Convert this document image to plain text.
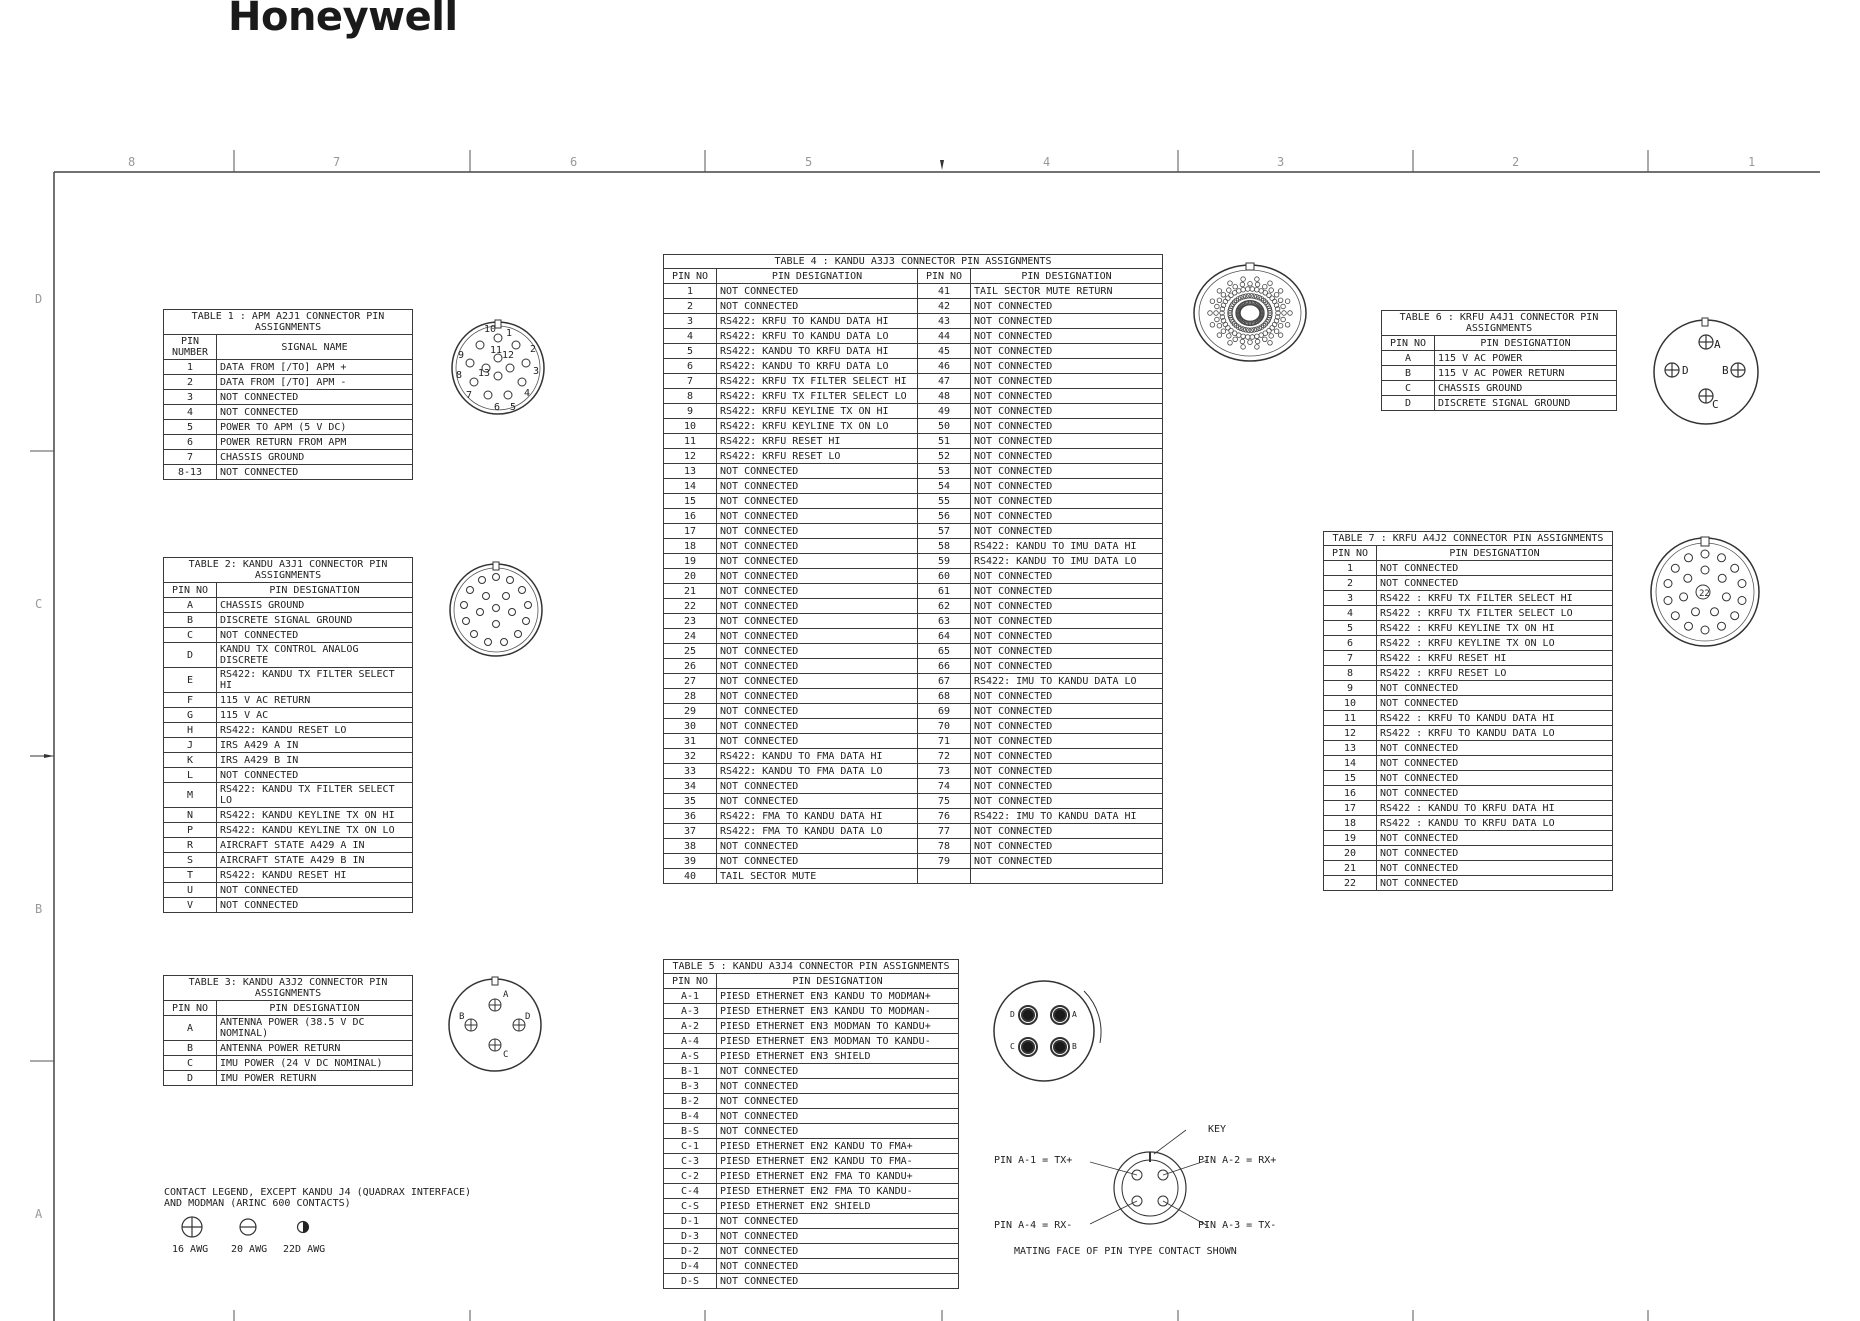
Honeywell
8	7	6	5	4	3	2	1
D
C
B
A
TABLE 1 : APM A2J1 CONNECTOR PIN ASSIGNMENTS	
PIN NUMBER	SIGNAL NAME
1	DATA FROM [/TO] APM +
2	DATA FROM [/TO] APM -
3	NOT CONNECTED
4	NOT CONNECTED
5	POWER TO APM (5 V DC)
6	POWER RETURN FROM APM
7	CHASSIS GROUND
8-13	NOT CONNECTED
TABLE 2: KANDU A3J1 CONNECTOR PIN ASSIGNMENTS	
PIN NO	PIN DESIGNATION
A	CHASSIS GROUND
B	DISCRETE SIGNAL GROUND
C	NOT CONNECTED
D	KANDU TX CONTROL ANALOG DISCRETE
E	RS422: KANDU TX FILTER SELECT HI
F	115 V AC RETURN
G	115 V AC
H	RS422: KANDU RESET LO
J	IRS A429 A IN
K	IRS A429 B IN
L	NOT CONNECTED
M	RS422: KANDU TX FILTER SELECT LO
N	RS422: KANDU KEYLINE TX ON HI
P	RS422: KANDU KEYLINE TX ON LO
R	AIRCRAFT STATE A429 A IN
S	AIRCRAFT STATE A429 B IN
T	RS422: KANDU RESET HI
U	NOT CONNECTED
V	NOT CONNECTED
TABLE 3: KANDU A3J2 CONNECTOR PIN ASSIGNMENTS	
PIN NO	PIN DESIGNATION
A	ANTENNA POWER (38.5 V DC NOMINAL)
B	ANTENNA POWER RETURN
C	IMU POWER (24 V DC NOMINAL)
D	IMU POWER RETURN
TABLE 4 : KANDU A3J3 CONNECTOR PIN ASSIGNMENTS			
PIN NO	PIN DESIGNATION	PIN NO	PIN DESIGNATION
1	NOT CONNECTED	41	TAIL SECTOR MUTE RETURN
2	NOT CONNECTED	42	NOT CONNECTED
3	RS422: KRFU TO KANDU DATA HI	43	NOT CONNECTED
4	RS422: KRFU TO KANDU DATA LO	44	NOT CONNECTED
5	RS422: KANDU TO KRFU DATA HI	45	NOT CONNECTED
6	RS422: KANDU TO KRFU DATA LO	46	NOT CONNECTED
7	RS422: KRFU TX FILTER SELECT HI	47	NOT CONNECTED
8	RS422: KRFU TX FILTER SELECT LO	48	NOT CONNECTED
9	RS422: KRFU KEYLINE TX ON HI	49	NOT CONNECTED
10	RS422: KRFU KEYLINE TX ON LO	50	NOT CONNECTED
11	RS422: KRFU RESET HI	51	NOT CONNECTED
12	RS422: KRFU RESET LO	52	NOT CONNECTED
13	NOT CONNECTED	53	NOT CONNECTED
14	NOT CONNECTED	54	NOT CONNECTED
15	NOT CONNECTED	55	NOT CONNECTED
16	NOT CONNECTED	56	NOT CONNECTED
17	NOT CONNECTED	57	NOT CONNECTED
18	NOT CONNECTED	58	RS422: KANDU TO IMU DATA HI
19	NOT CONNECTED	59	RS422: KANDU TO IMU DATA LO
20	NOT CONNECTED	60	NOT CONNECTED
21	NOT CONNECTED	61	NOT CONNECTED
22	NOT CONNECTED	62	NOT CONNECTED
23	NOT CONNECTED	63	NOT CONNECTED
24	NOT CONNECTED	64	NOT CONNECTED
25	NOT CONNECTED	65	NOT CONNECTED
26	NOT CONNECTED	66	NOT CONNECTED
27	NOT CONNECTED	67	RS422: IMU TO KANDU DATA LO
28	NOT CONNECTED	68	NOT CONNECTED
29	NOT CONNECTED	69	NOT CONNECTED
30	NOT CONNECTED	70	NOT CONNECTED
31	NOT CONNECTED	71	NOT CONNECTED
32	RS422: KANDU TO FMA DATA HI	72	NOT CONNECTED
33	RS422: KANDU TO FMA DATA LO	73	NOT CONNECTED
34	NOT CONNECTED	74	NOT CONNECTED
35	NOT CONNECTED	75	NOT CONNECTED
36	RS422: FMA TO KANDU DATA HI	76	RS422: IMU TO KANDU DATA HI
37	RS422: FMA TO KANDU DATA LO	77	NOT CONNECTED
38	NOT CONNECTED	78	NOT CONNECTED
39	NOT CONNECTED	79	NOT CONNECTED
40	TAIL SECTOR MUTE		
TABLE 5 : KANDU A3J4 CONNECTOR PIN ASSIGNMENTS	
PIN NO	PIN DESIGNATION
A-1	PIESD ETHERNET EN3 KANDU TO MODMAN+
A-3	PIESD ETHERNET EN3 KANDU TO MODMAN-
A-2	PIESD ETHERNET EN3 MODMAN TO KANDU+
A-4	PIESD ETHERNET EN3 MODMAN TO KANDU-
A-S	PIESD ETHERNET EN3 SHIELD
B-1	NOT CONNECTED
B-3	NOT CONNECTED
B-2	NOT CONNECTED
B-4	NOT CONNECTED
B-S	NOT CONNECTED
C-1	PIESD ETHERNET EN2 KANDU TO FMA+
C-3	PIESD ETHERNET EN2 KANDU TO FMA-
C-2	PIESD ETHERNET EN2 FMA TO KANDU+
C-4	PIESD ETHERNET EN2 FMA TO KANDU-
C-S	PIESD ETHERNET EN2 SHIELD
D-1	NOT CONNECTED
D-3	NOT CONNECTED
D-2	NOT CONNECTED
D-4	NOT CONNECTED
D-S	NOT CONNECTED
TABLE 6 : KRFU A4J1 CONNECTOR PIN ASSIGNMENTS	
PIN NO	PIN DESIGNATION
A	115 V AC POWER
B	115 V AC POWER RETURN
C	CHASSIS GROUND
D	DISCRETE SIGNAL GROUND
TABLE 7 : KRFU A4J2 CONNECTOR PIN ASSIGNMENTS	
PIN NO	PIN DESIGNATION
1	NOT CONNECTED
2	NOT CONNECTED
3	RS422 : KRFU TX FILTER SELECT HI
4	RS422 : KRFU TX FILTER SELECT LO
5	RS422 : KRFU KEYLINE TX ON HI
6	RS422 : KRFU KEYLINE TX ON LO
7	RS422 : KRFU RESET HI
8	RS422 : KRFU RESET LO
9	NOT CONNECTED
10	NOT CONNECTED
11	RS422 : KRFU TO KANDU DATA HI
12	RS422 : KRFU TO KANDU DATA LO
13	NOT CONNECTED
14	NOT CONNECTED
15	NOT CONNECTED
16	NOT CONNECTED
17	RS422 : KANDU TO KRFU DATA HI
18	RS422 : KANDU TO KRFU DATA LO
19	NOT CONNECTED
20	NOT CONNECTED
21	NOT CONNECTED
22	NOT CONNECTED
10
11 12
1
2
3
4
5
6
7
8
9
13
A
B
C
D	A
B
C
D
A
B
C
D
22
CONTACT LEGEND, EXCEPT KANDU J4 (QUADRAX INTERFACE)
AND MODMAN (ARINC 600 CONTACTS)
16 AWG 20 AWG 22D AWG
KEY
PIN A-1 = TX+	PIN A-2 = RX+
PIN A-4 = RX-	PIN A-3 = TX-
MATING FACE OF PIN TYPE CONTACT SHOWN
